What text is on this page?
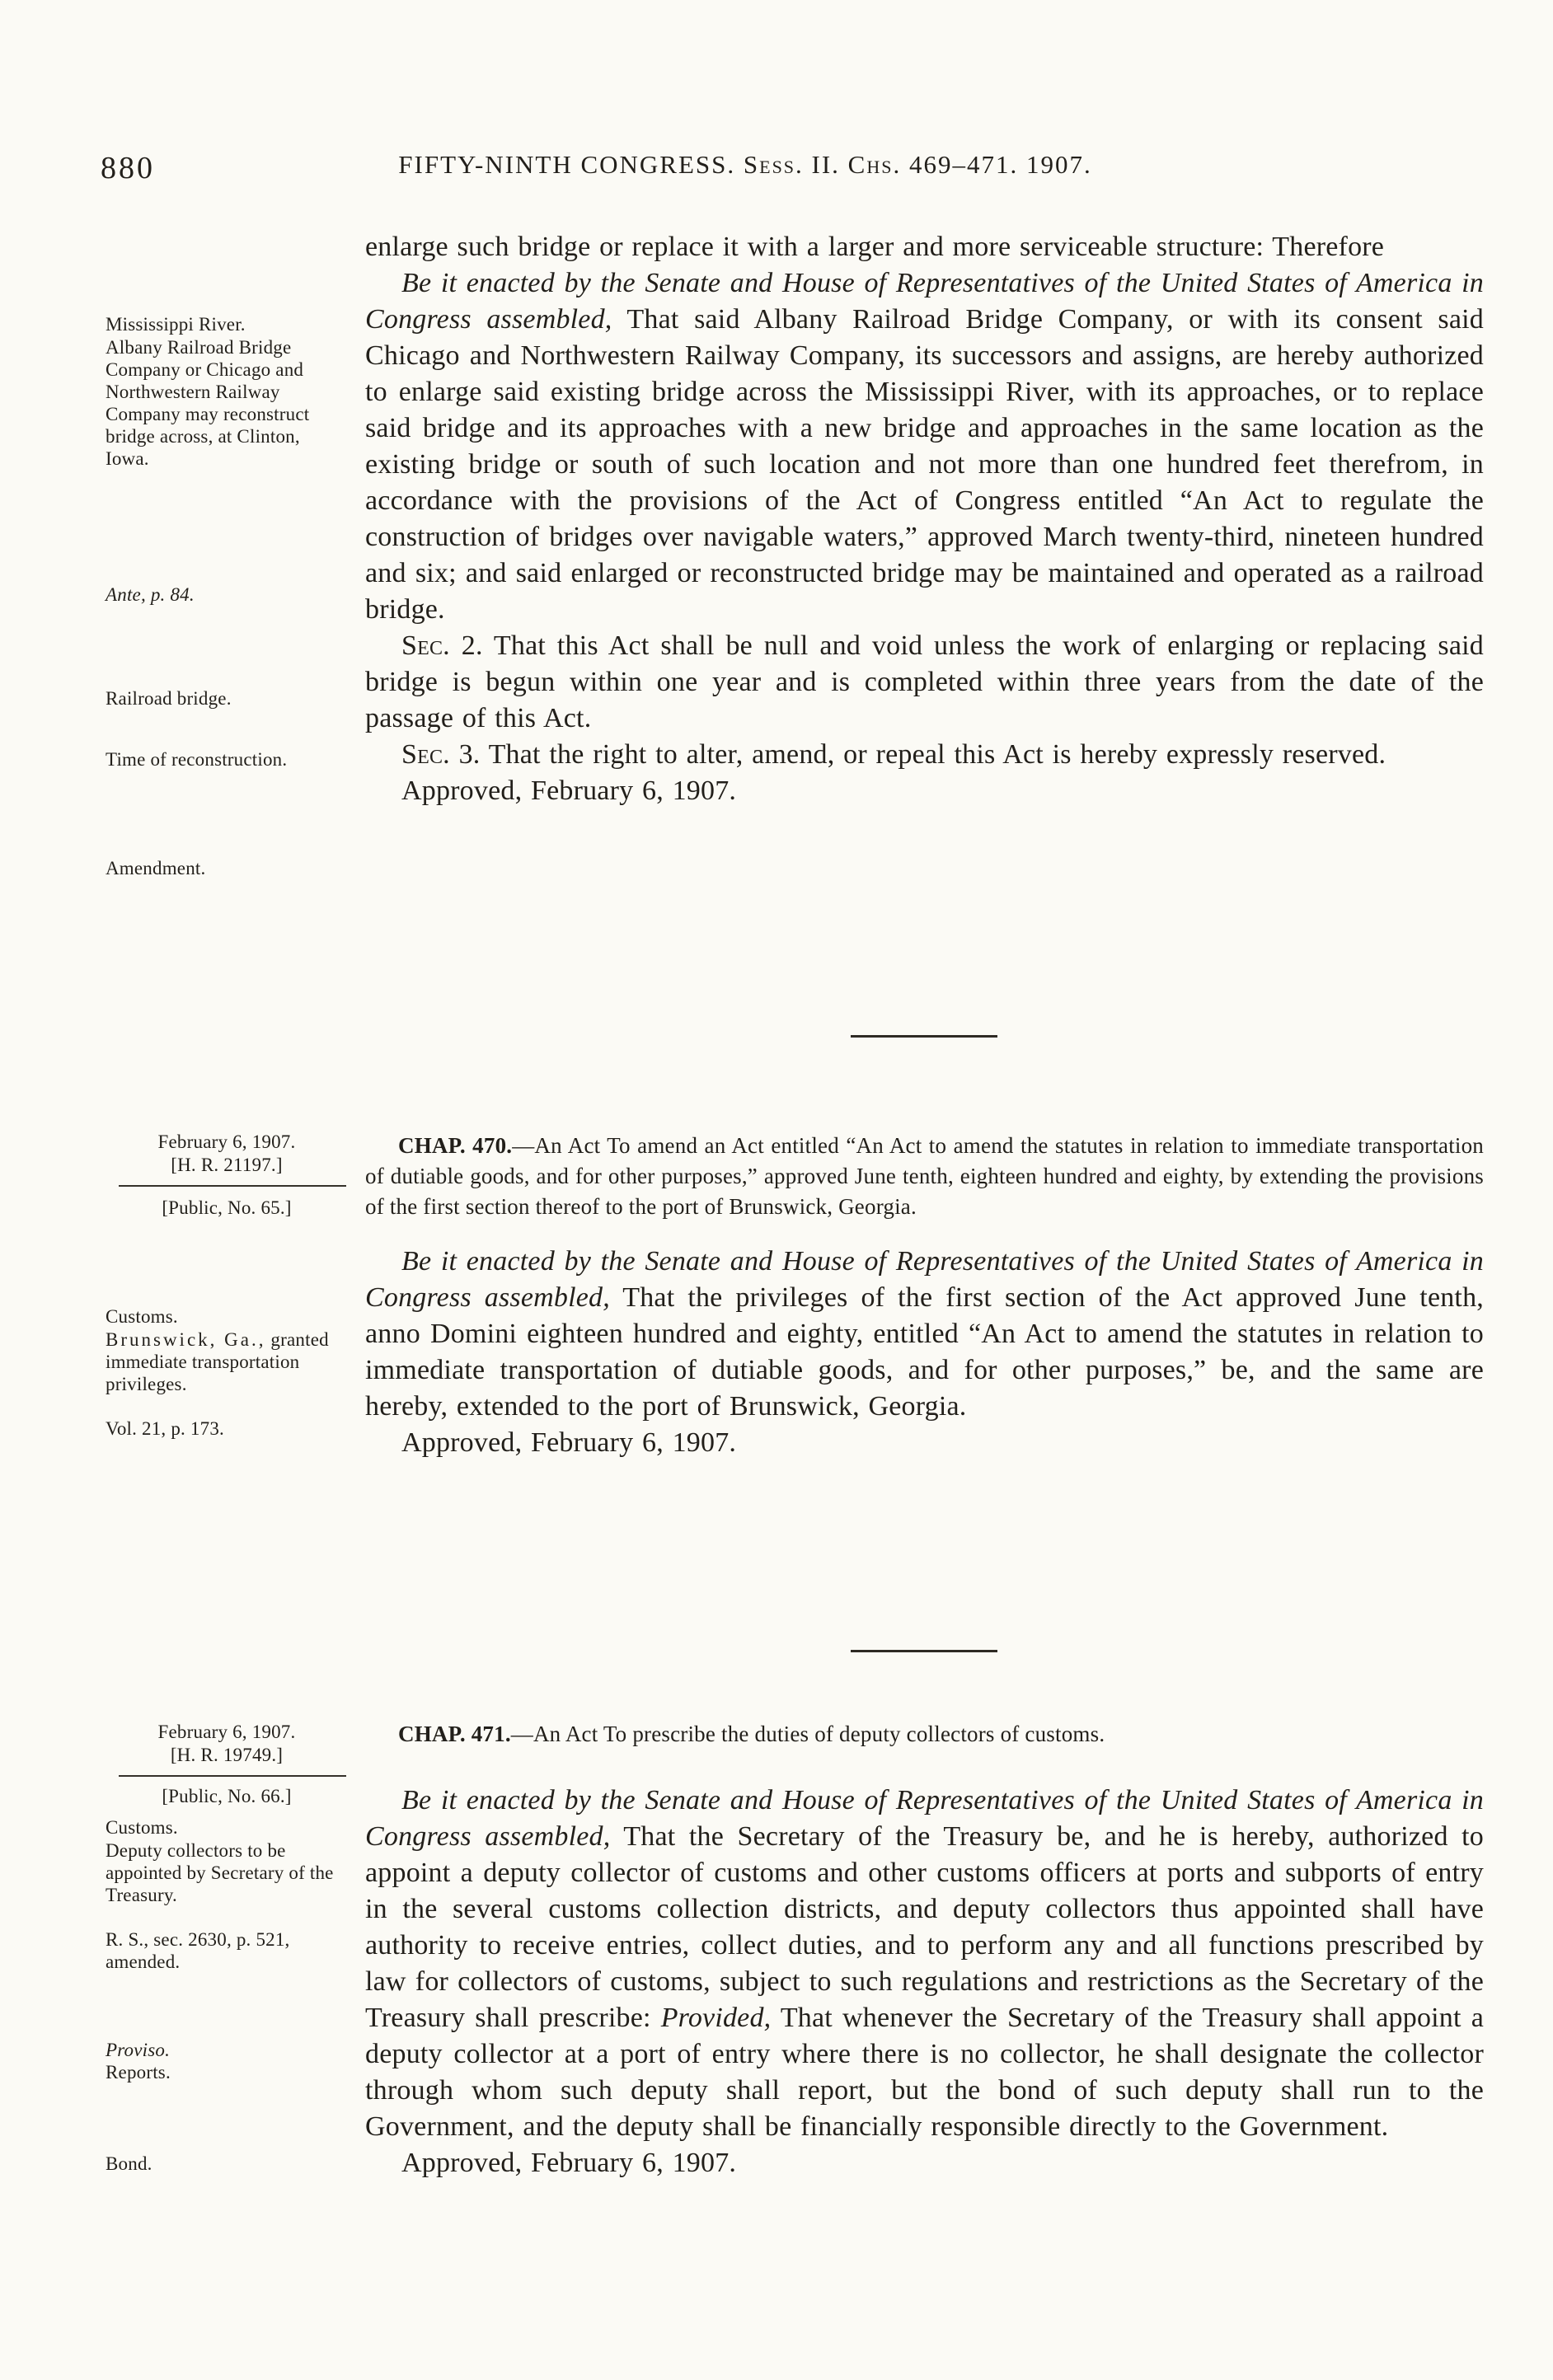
880	FIFTY-NINTH CONGRESS. Sess. II. Chs. 469–471. 1907.
Mississippi River.
Albany Railroad Bridge Company or Chicago and Northwestern Railway Company may reconstruct bridge across, at Clinton, Iowa.
Ante, p. 84.
Railroad bridge.
Time of reconstruction.
Amendment.

enlarge such bridge or replace it with a larger and more serviceable structure: Therefore

Be it enacted by the Senate and House of Representatives of the United States of America in Congress assembled, That said Albany Railroad Bridge Company, or with its consent said Chicago and Northwestern Railway Company, its successors and assigns, are hereby authorized to enlarge said existing bridge across the Mississippi River, with its approaches, or to replace said bridge and its approaches with a new bridge and approaches in the same location as the existing bridge or south of such location and not more than one hundred feet therefrom, in accordance with the provisions of the Act of Congress entitled “An Act to regulate the construction of bridges over navigable waters,” approved March twenty-third, nineteen hundred and six; and said enlarged or reconstructed bridge may be maintained and operated as a railroad bridge.

Sec. 2. That this Act shall be null and void unless the work of enlarging or replacing said bridge is begun within one year and is completed within three years from the date of the passage of this Act.

Sec. 3. That the right to alter, amend, or repeal this Act is hereby expressly reserved.

Approved, February 6, 1907.

February 6, 1907.
[H. R. 21197.]
[Public, No. 65.]
Customs.
Brunswick, Ga., granted immediate transportation privileges.
Vol. 21, p. 173.

CHAP. 470.—An Act To amend an Act entitled “An Act to amend the statutes in relation to immediate transportation of dutiable goods, and for other purposes,” approved June tenth, eighteen hundred and eighty, by extending the provisions of the first section thereof to the port of Brunswick, Georgia.

Be it enacted by the Senate and House of Representatives of the United States of America in Congress assembled, That the privileges of the first section of the Act approved June tenth, anno Domini eighteen hundred and eighty, entitled “An Act to amend the statutes in relation to immediate transportation of dutiable goods, and for other purposes,” be, and the same are hereby, extended to the port of Brunswick, Georgia.

Approved, February 6, 1907.

February 6, 1907.
[H. R. 19749.]
[Public, No. 66.]
Customs.
Deputy collectors to be appointed by Secretary of the Treasury.
R. S., sec. 2630, p. 521, amended.
Proviso.
Reports.
Bond.

CHAP. 471.—An Act To prescribe the duties of deputy collectors of customs.

Be it enacted by the Senate and House of Representatives of the United States of America in Congress assembled, That the Secretary of the Treasury be, and he is hereby, authorized to appoint a deputy collector of customs and other customs officers at ports and subports of entry in the several customs collection districts, and deputy collectors thus appointed shall have authority to receive entries, collect duties, and to perform any and all functions prescribed by law for collectors of customs, subject to such regulations and restrictions as the Secretary of the Treasury shall prescribe: Provided, That whenever the Secretary of the Treasury shall appoint a deputy collector at a port of entry where there is no collector, he shall designate the collector through whom such deputy shall report, but the bond of such deputy shall run to the Government, and the deputy shall be financially responsible directly to the Government.

Approved, February 6, 1907.
